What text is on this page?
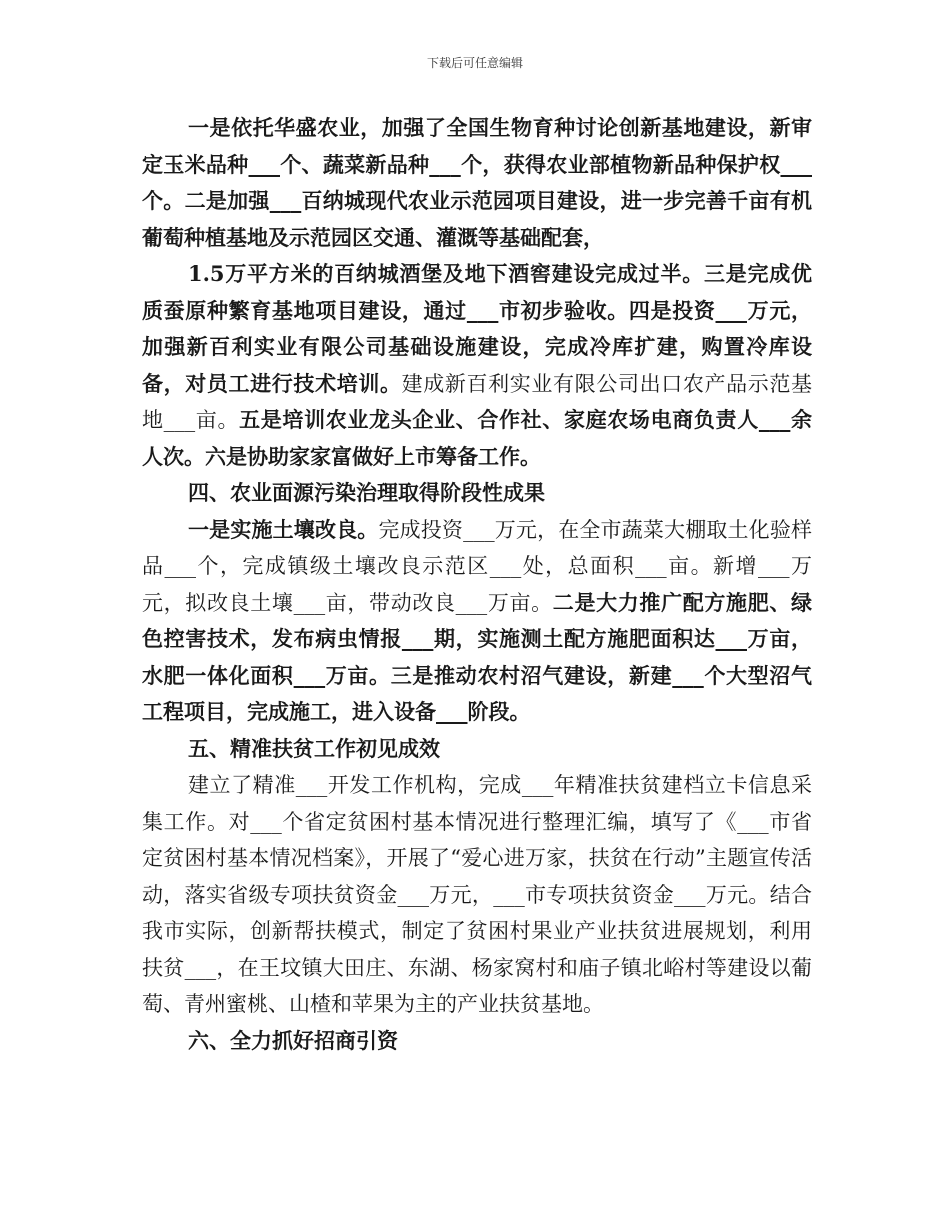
下载后可任意编辑

一是依托华盛农业，加强了全国生物育种讨论创新基地建设，新审定玉米品种___个、蔬菜新品种___个，获得农业部植物新品种保护权___个。二是加强___百纳城现代农业示范园项目建设，进一步完善千亩有机葡萄种植基地及示范园区交通、灌溉等基础配套，

1.5万平方米的百纳城酒堡及地下酒窖建设完成过半。三是完成优质蚕原种繁育基地项目建设，通过___市初步验收。四是投资___万元，加强新百利实业有限公司基础设施建设，完成冷库扩建，购置冷库设备，对员工进行技术培训。建成新百利实业有限公司出口农产品示范基地___亩。五是培训农业龙头企业、合作社、家庭农场电商负责人___余人次。六是协助家家富做好上市筹备工作。

四、农业面源污染治理取得阶段性成果

一是实施土壤改良。完成投资___万元，在全市蔬菜大棚取土化验样品___个，完成镇级土壤改良示范区___处，总面积___亩。新增___万元，拟改良土壤___亩，带动改良___万亩。二是大力推广配方施肥、绿色控害技术，发布病虫情报___期，实施测土配方施肥面积达___万亩，水肥一体化面积___万亩。三是推动农村沼气建设，新建___个大型沼气工程项目，完成施工，进入设备___阶段。

五、精准扶贫工作初见成效

建立了精准___开发工作机构，完成___年精准扶贫建档立卡信息采集工作。对___个省定贫困村基本情况进行整理汇编，填写了《___市省定贫困村基本情况档案》，开展了“爱心进万家，扶贫在行动”主题宣传活动，落实省级专项扶贫资金___万元，___市专项扶贫资金___万元。结合我市实际，创新帮扶模式，制定了贫困村果业产业扶贫进展规划，利用扶贫___，在王坟镇大田庄、东湖、杨家窝村和庙子镇北峪村等建设以葡萄、青州蜜桃、山楂和苹果为主的产业扶贫基地。

六、全力抓好招商引资
